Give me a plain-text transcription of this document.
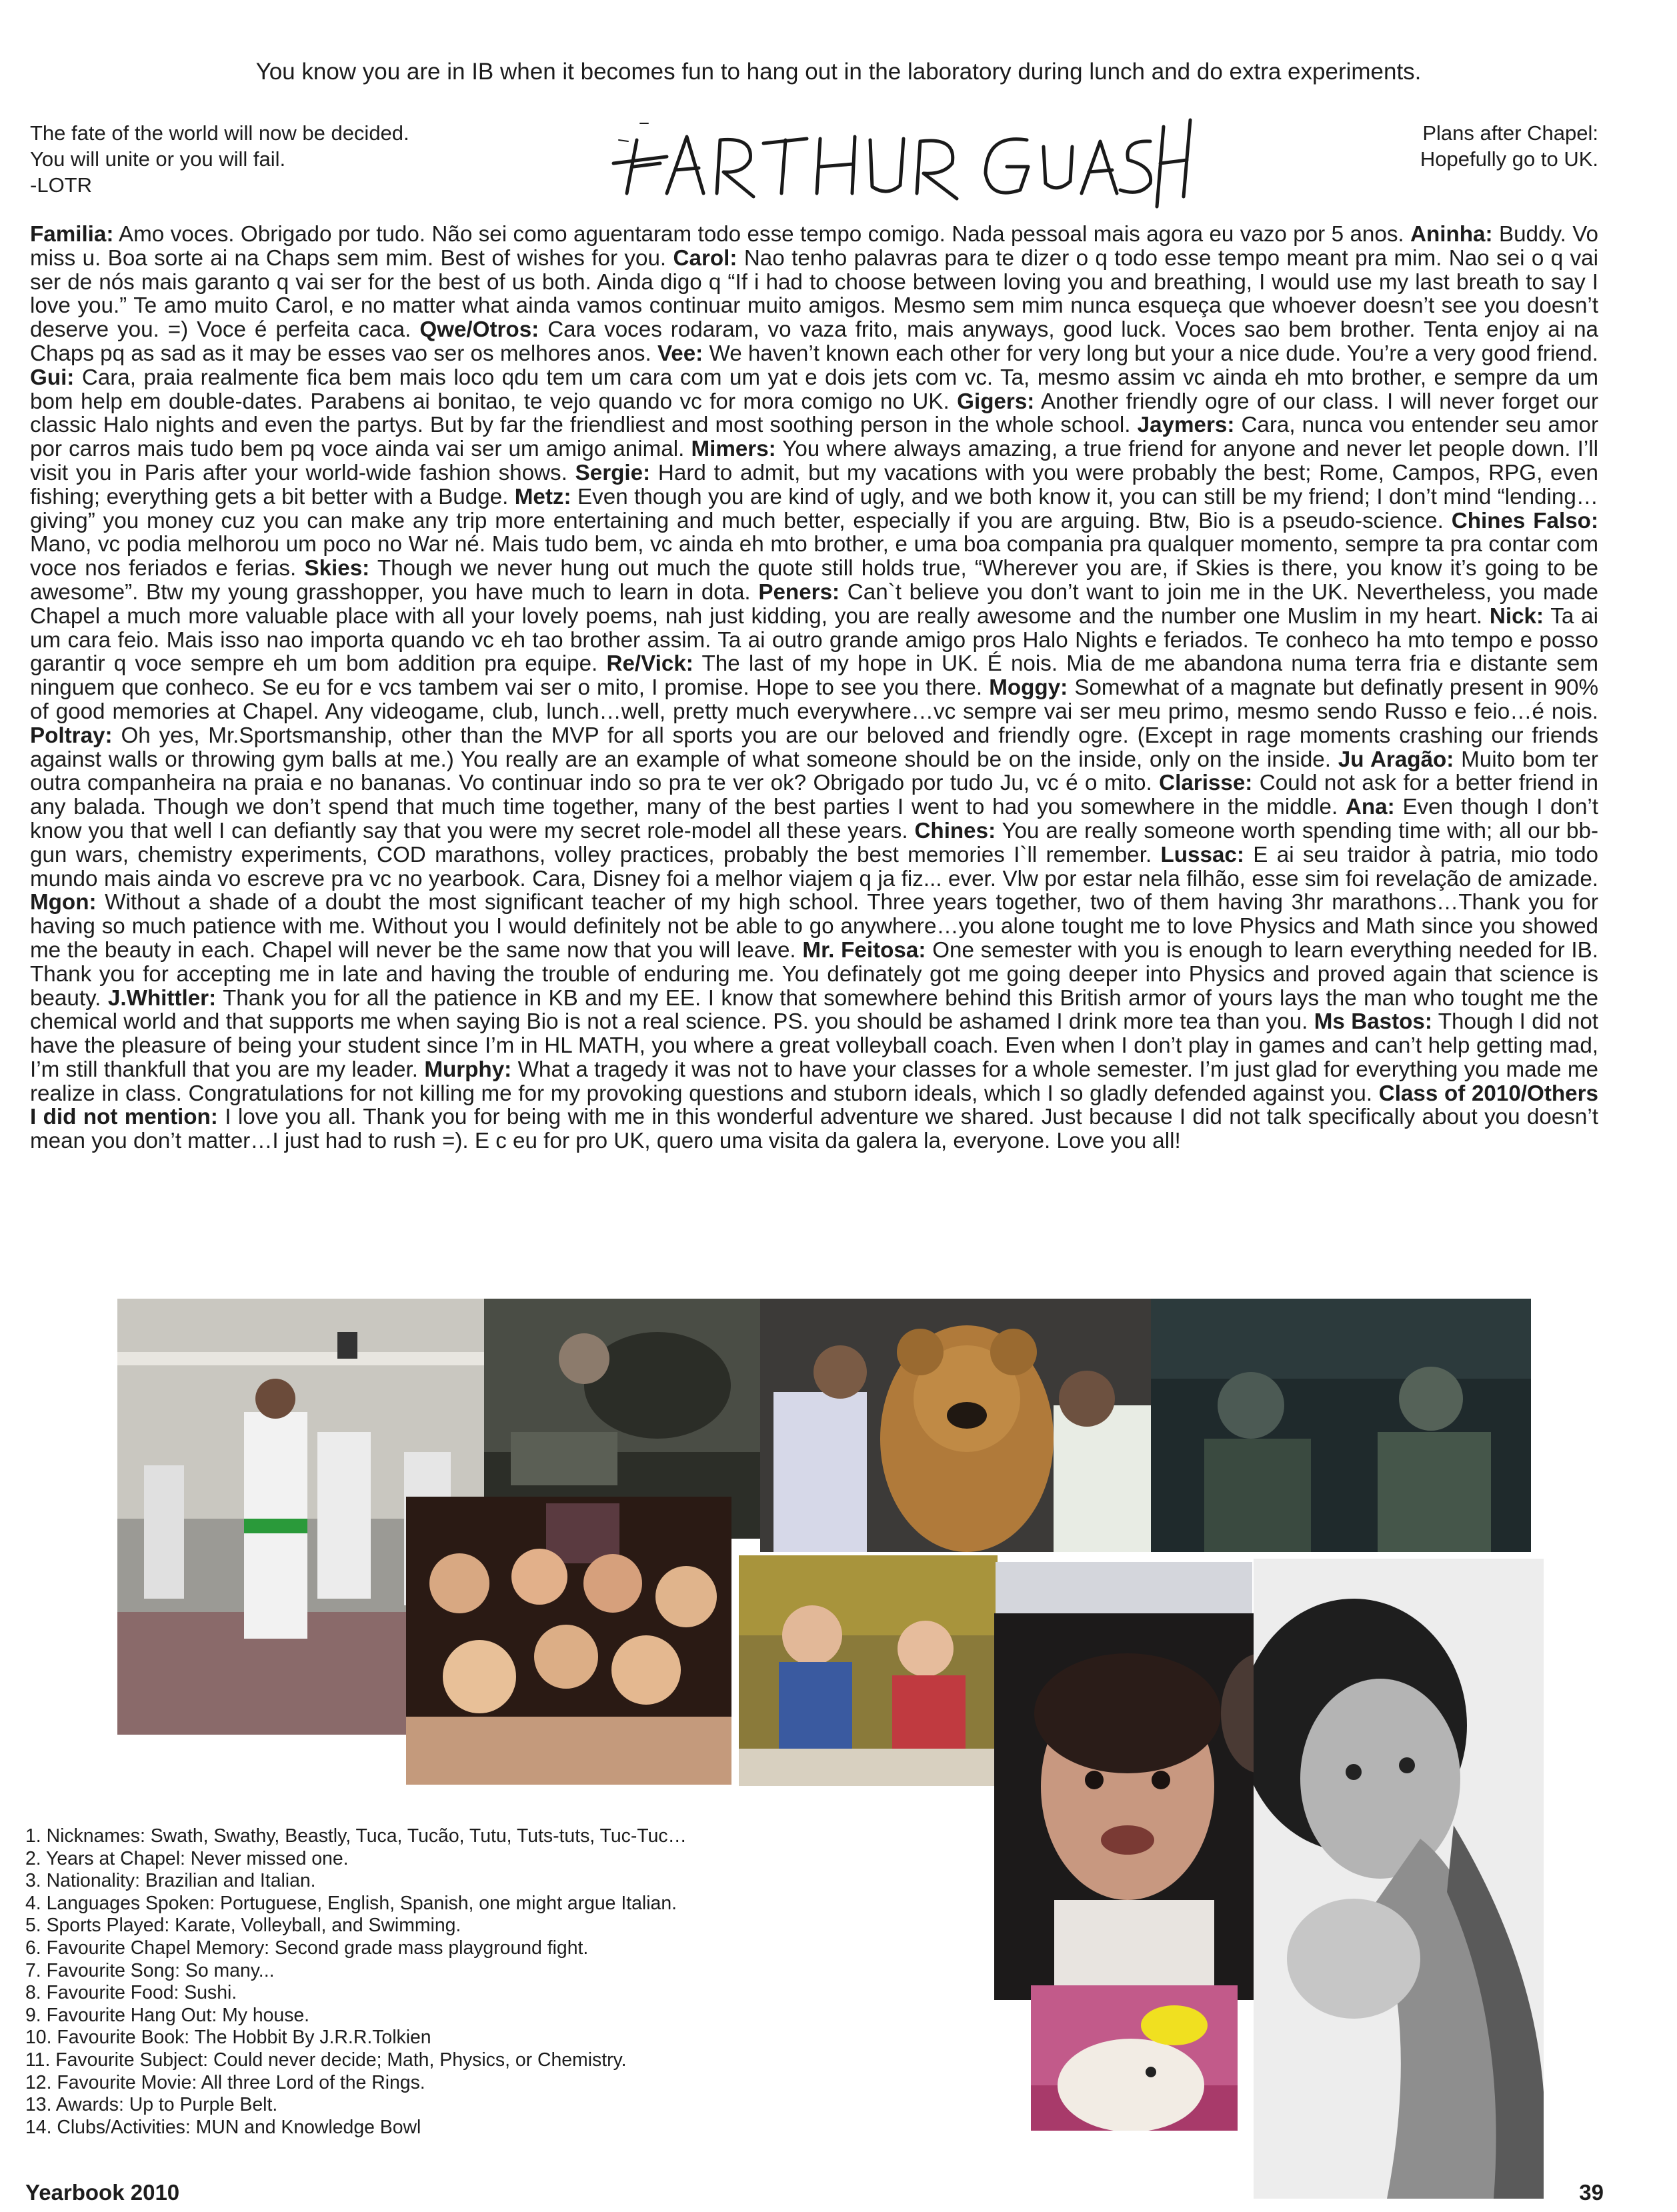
You know you are in IB when it becomes fun to hang out in the laboratory during lunch and do extra experiments.
The fate of the world will now be decided.
You will unite or you will fail.
-LOTR
Plans after Chapel:
Hopefully go to UK.

Familia: Amo voces. Obrigado por tudo. Não sei como aguentaram todo esse tempo comigo. Nada pessoal mais agora eu vazo por 5 anos. Aninha: Buddy. Vo miss u. Boa sorte ai na Chaps sem mim. Best of wishes for you. Carol: Nao tenho palavras para te dizer o q todo esse tempo meant pra mim. Nao sei o q vai ser de nós mais garanto q vai ser for the best of us both. Ainda digo q “If i had to choose between loving you and breathing, I would use my last breath to say I love you.” Te amo muito Carol, e no matter what ainda vamos continuar muito amigos. Mesmo sem mim nunca esqueça que whoever doesn’t see you doesn’t deserve you. =) Voce é perfeita caca. Qwe/Otros: Cara voces rodaram, vo vaza frito, mais anyways, good luck. Voces sao bem brother. Tenta enjoy ai na Chaps pq as sad as it may be esses vao ser os melhores anos. Vee: We haven’t known each other for very long but your a nice dude. You’re a very good friend. Gui: Cara, praia realmente fica bem mais loco qdu tem um cara com um yat e dois jets com vc. Ta, mesmo assim vc ainda eh mto brother, e sempre da um bom help em double-dates. Parabens ai bonitao, te vejo quando vc for mora comigo no UK. Gigers: Another friendly ogre of our class. I will never forget our classic Halo nights and even the partys. But by far the friendliest and most soothing person in the whole school. Jaymers: Cara, nunca vou entender seu amor por carros mais tudo bem pq voce ainda vai ser um amigo animal. Mimers: You where always amazing, a true friend for anyone and never let people down. I’ll visit you in Paris after your world-wide fashion shows. Sergie: Hard to admit, but my vacations with you were probably the best; Rome, Campos, RPG, even fishing; everything gets a bit better with a Budge. Metz: Even though you are kind of ugly, and we both know it, you can still be my friend; I don’t mind “lending…giving” you money cuz you can make any trip more entertaining and much better, especially if you are arguing. Btw, Bio is a pseudo-science. Chines Falso: Mano, vc podia melhorou um poco no War né. Mais tudo bem, vc ainda eh mto brother, e uma boa compania pra qualquer momento, sempre ta pra contar com voce nos feriados e ferias. Skies: Though we never hung out much the quote still holds true, “Wherever you are, if Skies is there, you know it’s going to be awesome”. Btw my young grasshopper, you have much to learn in dota. Peners: Can`t believe you don’t want to join me in the UK. Nevertheless, you made Chapel a much more valuable place with all your lovely poems, nah just kidding, you are really awesome and the number one Muslim in my heart. Nick: Ta ai um cara feio. Mais isso nao importa quando vc eh tao brother assim. Ta ai outro grande amigo pros Halo Nights e feriados. Te conheco ha mto tempo e posso garantir q voce sempre eh um bom addition pra equipe. Re/Vick: The last of my hope in UK. É nois. Mia de me abandona numa terra fria e distante sem ninguem que conheco. Se eu for e vcs tambem vai ser o mito, I promise. Hope to see you there. Moggy: Somewhat of a magnate but definatly present in 90% of good memories at Chapel. Any videogame, club, lunch…well, pretty much everywhere…vc sempre vai ser meu primo, mesmo sendo Russo e feio…é nois. Poltray: Oh yes, Mr.Sportsmanship, other than the MVP for all sports you are our beloved and friendly ogre. (Except in rage moments crashing our friends against walls or throwing gym balls at me.) You really are an example of what someone should be on the inside, only on the inside. Ju Aragão: Muito bom ter outra companheira na praia e no bananas. Vo continuar indo so pra te ver ok? Obrigado por tudo Ju, vc é o mito. Clarisse: Could not ask for a better friend in any balada. Though we don’t spend that much time together, many of the best parties I went to had you somewhere in the middle. Ana: Even though I don’t know you that well I can defiantly say that you were my secret role-model all these years. Chines: You are really someone worth spending time with; all our bb-gun wars, chemistry experiments, COD marathons, volley practices, probably the best memories I`ll remember. Lussac: E ai seu traidor à patria, mio todo mundo mais ainda vo escreve pra vc no yearbook. Cara, Disney foi a melhor viajem q ja fiz... ever. Vlw por estar nela filhão, esse sim foi revelação de amizade. Mgon: Without a shade of a doubt the most significant teacher of my high school. Three years together, two of them having 3hr marathons…Thank you for having so much patience with me. Without you I would definitely not be able to go anywhere…you alone tought me to love Physics and Math since you showed me the beauty in each. Chapel will never be the same now that you will leave. Mr. Feitosa: One semester with you is enough to learn everything needed for IB. Thank you for accepting me in late and having the trouble of enduring me. You definately got me going deeper into Physics and proved again that science is beauty. J.Whittler: Thank you for all the patience in KB and my EE. I know that somewhere behind this British armor of yours lays the man who tought me the chemical world and that supports me when saying Bio is not a real science. PS. you should be ashamed I drink more tea than you. Ms Bastos: Though I did not have the pleasure of being your student since I’m in HL MATH, you where a great volleyball coach. Even when I don’t play in games and can’t help getting mad, I’m still thankfull that you are my leader. Murphy: What a tragedy it was not to have your classes for a whole semester. I’m just glad for everything you made me realize in class. Congratulations for not killing me for my provoking questions and stuborn ideals, which I so gladly defended against you. Class of 2010/Others I did not mention: I love you all. Thank you for being with me in this wonderful adventure we shared. Just because I did not talk specifically about you doesn’t mean you don’t matter…I just had to rush =). E c eu for pro UK, quero uma visita da galera la, everyone. Love you all!

1. Nicknames: Swath, Swathy, Beastly, Tuca, Tucão, Tutu, Tuts-tuts, Tuc-Tuc…
2. Years at Chapel: Never missed one.
3. Nationality: Brazilian and Italian.
4. Languages Spoken: Portuguese, English, Spanish, one might argue Italian.
5. Sports Played: Karate, Volleyball, and Swimming.
6. Favourite Chapel Memory: Second grade mass playground fight.
7. Favourite Song: So many...
8. Favourite Food: Sushi.
9. Favourite Hang Out: My house.
10. Favourite Book: The Hobbit By J.R.R.Tolkien
11. Favourite Subject: Could never decide; Math, Physics, or Chemistry.
12. Favourite Movie: All three Lord of the Rings.
13. Awards: Up to Purple Belt.
14. Clubs/Activities: MUN and Knowledge Bowl
Yearbook 2010	39
